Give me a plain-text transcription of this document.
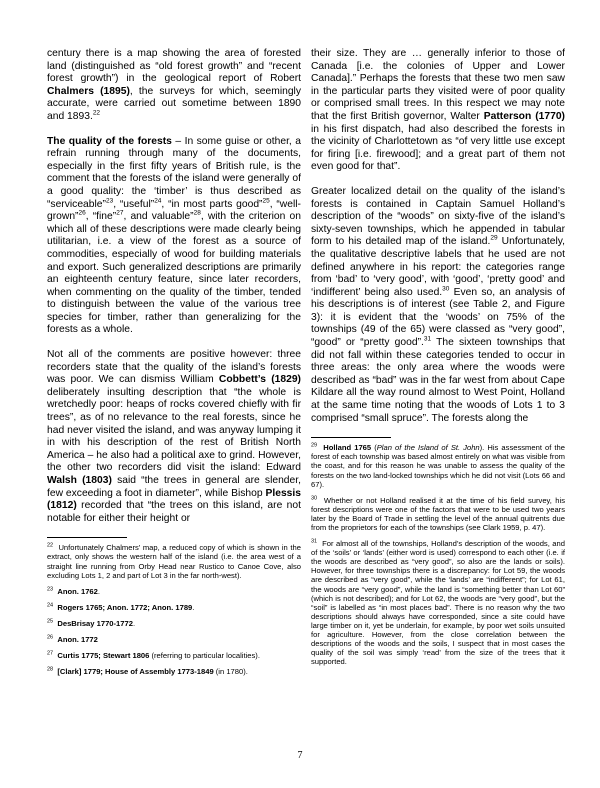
century there is a map showing the area of forested land (distinguished as “old forest growth” and “recent forest growth”) in the geological report of Robert Chalmers (1895), the surveys for which, seemingly accurate, were carried out sometime between 1890 and 1893.22

The quality of the forests – In some guise or other, a refrain running through many of the documents, especially in the first fifty years of British rule, is the comment that the forests of the island were generally of a good quality: the ‘timber’ is thus described as “serviceable”$^{23}$, “useful”$^{24}$, “in most parts good”$^{25}$, “well-grown”$^{26}$, “fine”$^{27}$, and valuable”$^{28}$, with the criterion on which all of these descriptions were made clearly being utilitarian, i.e. a view of the forest as a source of commodities, especially of wood for building materials and export. Such generalized descriptions are primarily an eighteenth century feature, since later recorders, when commenting on the quality of the timber, tended to distinguish between the value of the various tree species for timber, rather than generalizing for the forests as a whole.

Not all of the comments are positive however: three recorders state that the quality of the island’s forests was poor. We can dismiss William Cobbett’s (1829) deliberately insulting description that “the whole is wretchedly poor: heaps of rocks covered chiefly with fir trees”, as of no relevance to the real forests, since he had never visited the island, and was anyway lumping it in with his description of the rest of British North America – he also had a political axe to grind. However, the other two recorders did visit the island: Edward Walsh (1803) said “the trees in general are slender, few exceeding a foot in diameter”, while Bishop Plessis (1812) recorded that “the trees on this island, are not notable for either their height or

$^{22}$ Unfortunately Chalmers’ map, a reduced copy of which is shown in the extract, only shows the western half of the island (i.e. the area west of a straight line running from Orby Head near Rustico to Canoe Cove, also excluding Lots 1, 2 and part of Lot 3 in the far north-west).

$^{23}$ Anon. 1762.

$^{24}$ Rogers 1765; Anon. 1772; Anon. 1789.

$^{25}$ DesBrisay 1770-1772.

$^{26}$ Anon. 1772

$^{27}$ Curtis 1775; Stewart 1806 (referring to particular localities).

$^{28}$ [Clark] 1779; House of Assembly 1773-1849 (in 1780).

their size. They are … generally inferior to those of Canada [i.e. the colonies of Upper and Lower Canada].” Perhaps the forests that these two men saw in the particular parts they visited were of poor quality or comprised small trees. In this respect we may note that the first British governor, Walter Patterson (1770) in his first dispatch, had also described the forests in the vicinity of Charlottetown as “of very little use except for firing [i.e. firewood]; and a great part of them not even good for that”.

Greater localized detail on the quality of the island’s forests is contained in Captain Samuel Holland’s description of the “woods” on sixty-five of the island’s sixty-seven townships, which he appended in tabular form to his detailed map of the island.$^{29}$ Unfortunately, the qualitative descriptive labels that he used are not defined anywhere in his report: the categories range from ‘bad’ to ‘very good’, with ‘good’, ‘pretty good’ and ‘indifferent’ being also used.$^{30}$ Even so, an analysis of his descriptions is of interest (see Table 2, and Figure 3): it is evident that the ‘woods’ on 75% of the townships (49 of the 65) were classed as “very good”, “good” or “pretty good”.$^{31}$ The sixteen townships that did not fall within these categories tended to occur in three areas: the only area where the woods were described as “bad” was in the far west from about Cape Kildare all the way round almost to West Point, Holland at the same time noting that the woods of Lots 1 to 3 comprised “small spruce”. The forests along the

$^{29}$ Holland 1765 (Plan of the Island of St. John). His assessment of the forest of each township was based almost entirely on what was visible from the coast, and for this reason he was unable to assess the quality of the forests on the two land-locked townships which he did not visit (Lots 66 and 67).

$^{30}$ Whether or not Holland realised it at the time of his field survey, his forest descriptions were one of the factors that were to be used two years later by the Board of Trade in settling the level of the annual quitrents due from the proprietors for each of the townships (see Clark 1959, p. 47).

$^{31}$ For almost all of the townships, Holland’s description of the woods, and of the ‘soils’ or ‘lands’ (either word is used) correspond to each other (i.e. if the woods are described as “very good”, so also are the lands or soils). However, for three townships there is a discrepancy: for Lot 59, the woods are described as “very good”, while the ‘lands’ are “indifferent”; for Lot 61, the woods are “very good”, while the land is “something better than Lot 60” (which is not described); and for Lot 62, the woods are “very good”, but the “soil” is labelled as “in most places bad”. There is no reason why the two descriptions should always have corresponded, since a site could have large timber on it, yet be underlain, for example, by poor wet soils unsuited for agriculture. However, from the close correlation between the descriptions of the woods and the soils, I suspect that in most cases the quality of the soil was simply ‘read’ from the size of the trees that it supported.

7
